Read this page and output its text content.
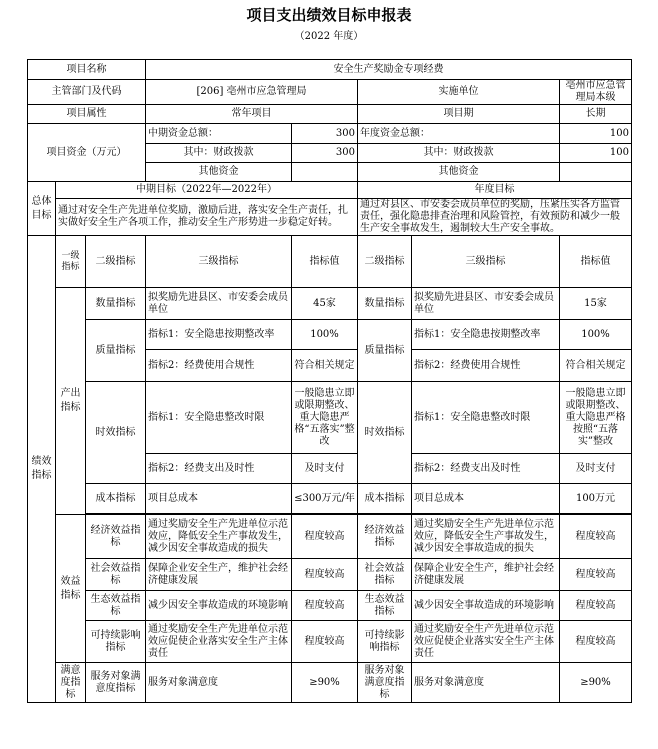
项目支出绩效目标申报表
（2022 年度）
项目名称			安全生产奖励金专项经费				
主管部门及代码			[206] 亳州市应急管理局		实施单位		亳州市应急管理局本级
项目属性			常年项目		项目期		长期
项目资金（万元）			中期资金总额：	300	年度资金总额：		100
			其中：财政拨款	300	其中：财政拨款		100
			其他资金		其他资金		
总体目标	中期目标（2022年—2022年）				年度目标		
	通过对安全生产先进单位奖励，激励后进，落实安全生产责任，扎实做好安全生产各项工作，推动安全生产形势进一步稳定好转。				通过对县区、市安委会成员单位的奖励，压紧压实各方监管责任，强化隐患排查治理和风险管控，有效预防和减少一般生产安全事故发生，遏制较大生产安全事故。		
绩效指标	一级指标	二级指标	三级指标	指标值	二级指标	三级指标	指标值
	产出指标	数量指标	拟奖励先进县区、市安委会成员单位	45家	数量指标	拟奖励先进县区、市安委会成员单位	15家
		质量指标	指标1：安全隐患按期整改率	100%	质量指标	指标1：安全隐患按期整改率	100%
			指标2：经费使用合规性	符合相关规定		指标2：经费使用合规性	符合相关规定
		时效指标	指标1：安全隐患整改时限	一般隐患立即或限期整改、重大隐患严格“五落实”整改	时效指标	指标1：安全隐患整改时限	一般隐患立即或限期整改、重大隐患严格按照“五落实”整改
			指标2：经费支出及时性	及时支付		指标2：经费支出及时性	及时支付
		成本指标	项目总成本	≤300万元/年	成本指标	项目总成本	100万元

	效益指标	经济效益指标	通过奖励安全生产先进单位示范效应，降低安全生产事故发生，减少因安全事故造成的损失	程度较高	经济效益指标	通过奖励安全生产先进单位示范效应，降低安全生产事故发生，减少因安全事故造成的损失	程度较高
		社会效益指标	保障企业安全生产，维护社会经济健康发展	程度较高	社会效益指标	保障企业安全生产，维护社会经济健康发展	程度较高
		生态效益指标	减少因安全事故造成的环境影响	程度较高	生态效益指标	减少因安全事故造成的环境影响	程度较高
		可持续影响指标	通过奖励安全生产先进单位示范效应促使企业落实安全生产主体责任	程度较高	可持续影响指标	通过奖励安全生产先进单位示范效应促使企业落实安全生产主体责任	程度较高
	满意度指标	服务对象满意度指标	服务对象满意度	≥90%	服务对象满意度指标	服务对象满意度	≥90%
